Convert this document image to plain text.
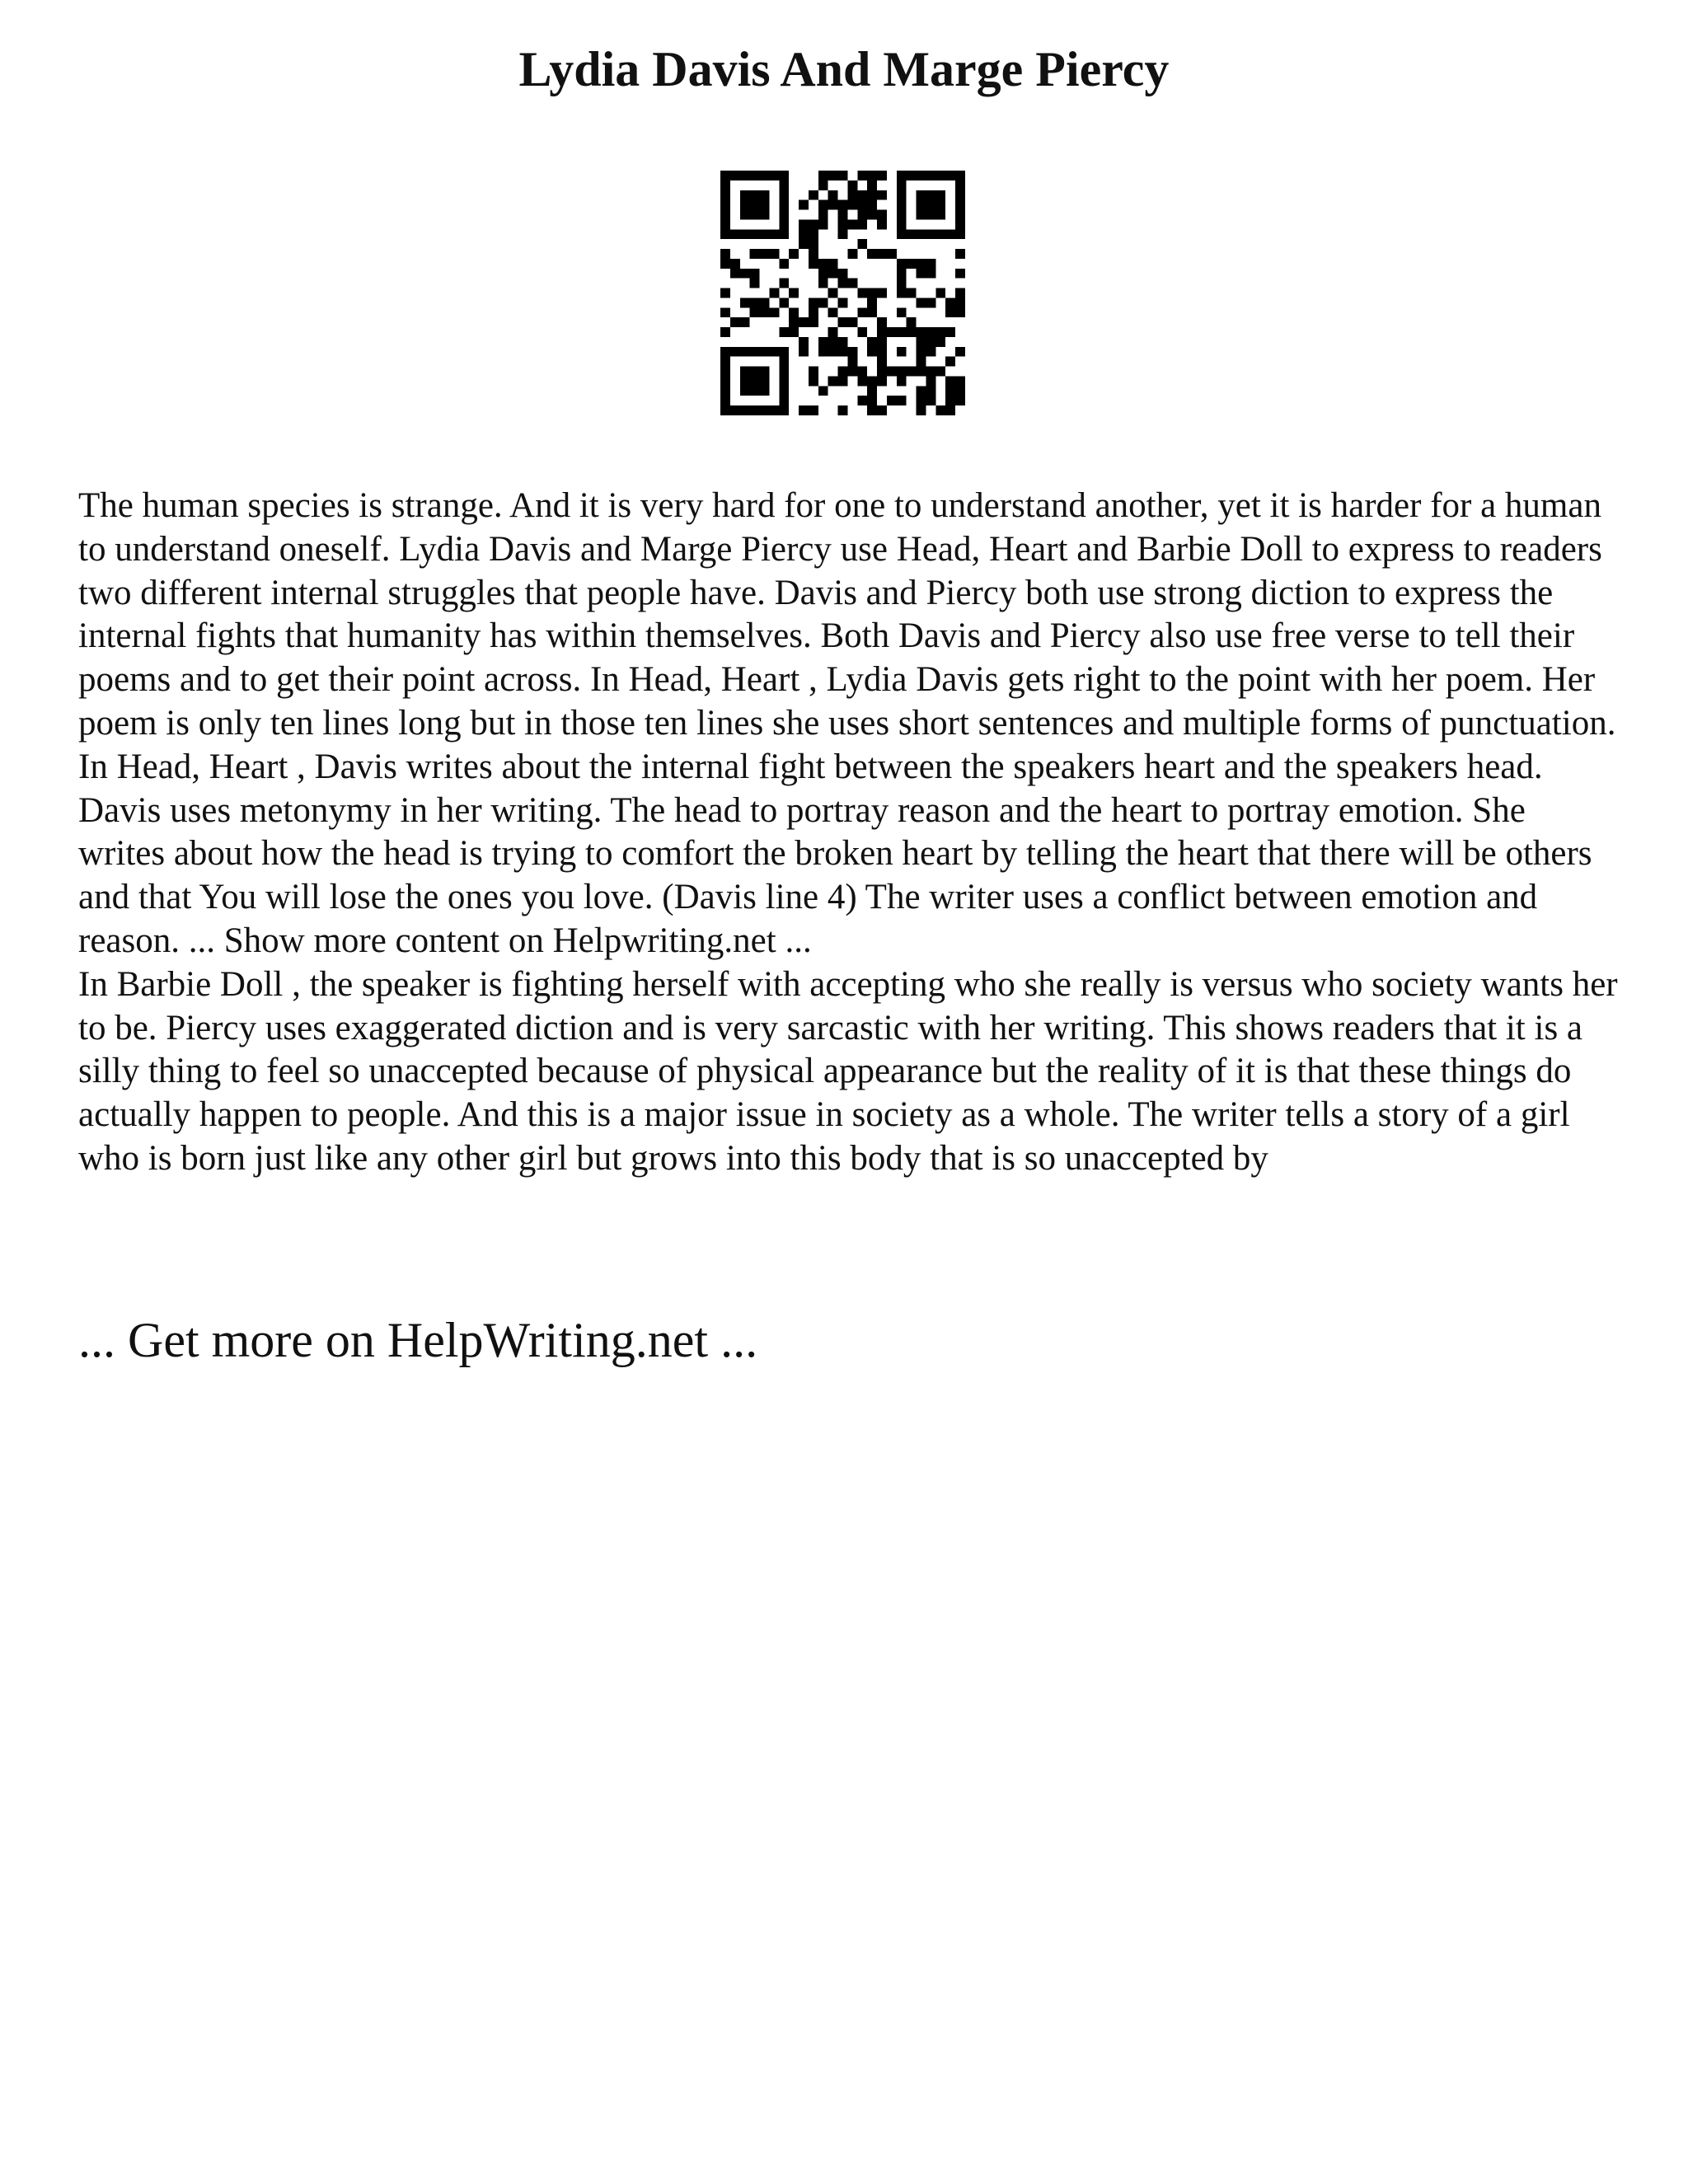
Lydia Davis And Marge Piercy

The human species is strange. And it is very hard for one to understand another, yet it is harder for a human to understand oneself. Lydia Davis and Marge Piercy use Head, Heart and Barbie Doll to express to readers two different internal struggles that people have. Davis and Piercy both use strong diction to express the internal fights that humanity has within themselves. Both Davis and Piercy also use free verse to tell their poems and to get their point across. In Head, Heart , Lydia Davis gets right to the point with her poem. Her poem is only ten lines long but in those ten lines she uses short sentences and multiple forms of punctuation. In Head, Heart , Davis writes about the internal fight between the speakers heart and the speakers head. Davis uses metonymy in her writing. The head to portray reason and the heart to portray emotion. She writes about how the head is trying to comfort the broken heart by telling the heart that there will be others and that You will lose the ones you love. (Davis line 4) The writer uses a conflict between emotion and reason. ... Show more content on Helpwriting.net ...

In Barbie Doll , the speaker is fighting herself with accepting who she really is versus who society wants her to be. Piercy uses exaggerated diction and is very sarcastic with her writing. This shows readers that it is a silly thing to feel so unaccepted because of physical appearance but the reality of it is that these things do actually happen to people. And this is a major issue in society as a whole. The writer tells a story of a girl who is born just like any other girl but grows into this body that is so unaccepted by

... Get more on HelpWriting.net ...
